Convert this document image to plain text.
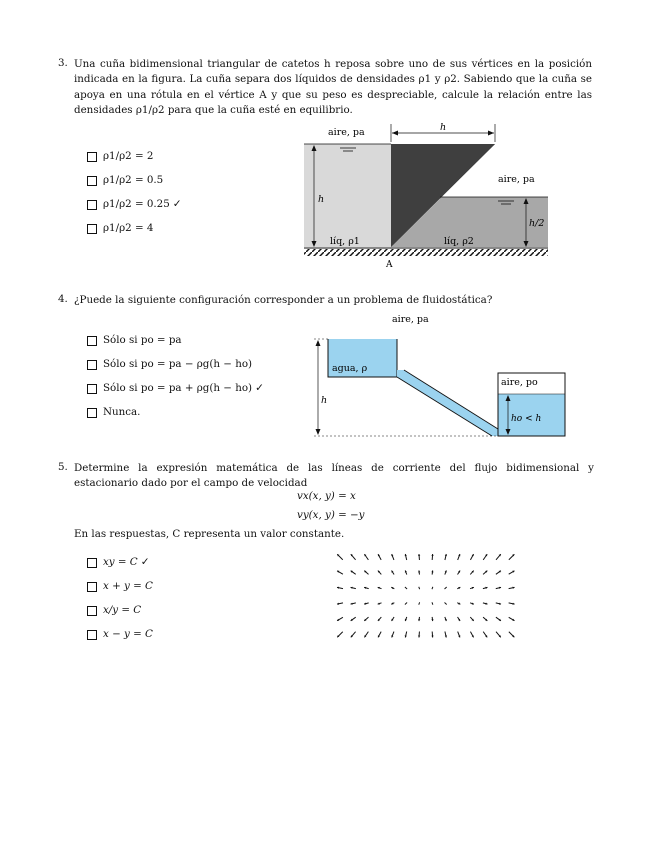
3. Una cuña bidimensional triangular de catetos h reposa sobre uno de sus vértices en la posición indicada en la figura. La cuña separa dos líquidos de densidades ρ1 y ρ2. Sabiendo que la cuña se apoya en una rótula en el vértice A y que su peso es despreciable, calcule la relación entre las densidades ρ1/ρ2 para que la cuña esté en equilibrio.
ρ1/ρ2 = 2
ρ1/ρ2 = 0.5
ρ1/ρ2 = 0.25 ✓
ρ1/ρ2 = 4
aire, pa	h
aire, pa
h
h/2
líq, ρ1	líq, ρ2
A
4. ¿Puede la siguiente configuración corresponder a un problema de fluidostática?
Sólo si po = pa
Sólo si po = pa − ρg(h − ho)
Sólo si po = pa + ρg(h − ho) ✓
Nunca.
aire, pa
agua, ρ
aire, po
h
ho < h
5. Determine la expresión matemática de las líneas de corriente del flujo bidimensional y estacionario dado por el campo de velocidad
vx(x, y) = x
vy(x, y) = −y
En las respuestas, C representa un valor constante.
xy = C ✓
x + y = C
x/y = C
x − y = C
